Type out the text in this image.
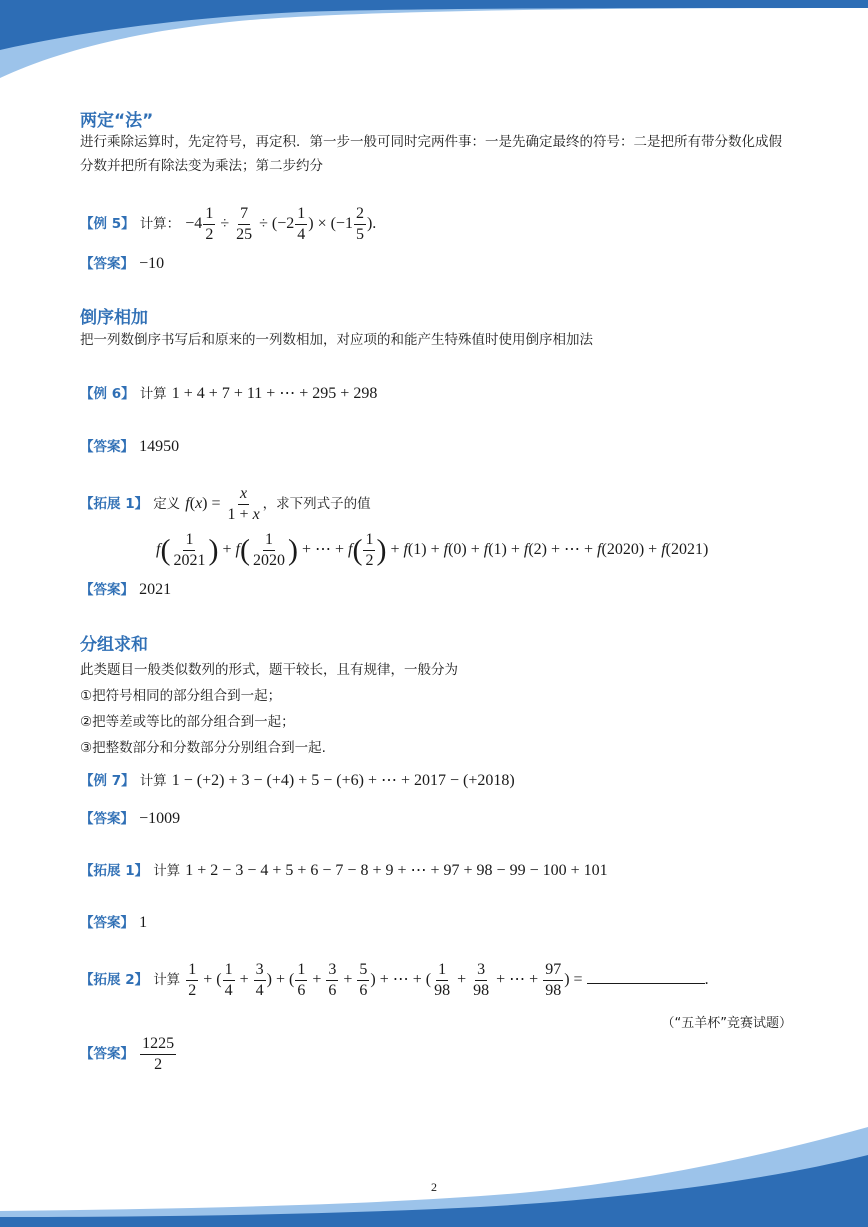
两定“法”
进行乘除运算时，先定符号，再定积．第一步一般可同时完两件事：一是先确定最终的符号：二是把所有带分数化成假分数并把所有除法变为乘法；第二步约分
【例 5】 计算： $-4 \frac{1}{2} \div \frac{7}{25} \div (-2 \frac{1}{4}$ ) × ($-1 \frac{2}{5}$ ).
【答案】 −10
倒序相加
把一列数倒序书写后和原来的一列数相加，对应项的和能产生特殊值时使用倒序相加法
【例 6】 计算 1 + 4 + 7 + 11 + ⋯ + 295 + 298
【答案】 14950
【拓展 1】 定义 $f(x) = \frac{x}{1 + x}$ ，求下列式子的值
$f( \frac{1}{2021}$ ) + $f( \frac{1}{2020}$ ) + ⋯ + $f( \frac{1}{2}$ ) + f(1) + f(0) + f(1) + f(2) + ⋯ + f(2020) + f(2021)
【答案】 2021
分组求和
此类题目一般类似数列的形式，题干较长，且有规律，一般分为
①把符号相同的部分组合到一起；
②把等差或等比的部分组合到一起；
③把整数部分和分数部分分别组合到一起.
【例 7】 计算 1 − (+2) + 3 − (+4) + 5 − (+6) + ⋯ + 2017 − (+2018)
【答案】 −1009
【拓展 1】 计算 1 + 2 − 3 − 4 + 5 + 6 − 7 − 8 + 9 + ⋯ + 97 + 98 − 99 − 100 + 101
【答案】 1
【拓展 2】 计算 $\frac{1}{2}$ + ( $\frac{1}{4} + \frac{3}{4}$ ) + ( $\frac{1}{6} + \frac{3}{6} + \frac{5}{6}$ ) + ⋯ + ( $\frac{1}{98} + \frac{3}{98}$ + ⋯ + $\frac{97}{98}$ ) =	.
（“五羊杯”竞赛试题）
【答案】 $\frac{1225}{2}$
2
